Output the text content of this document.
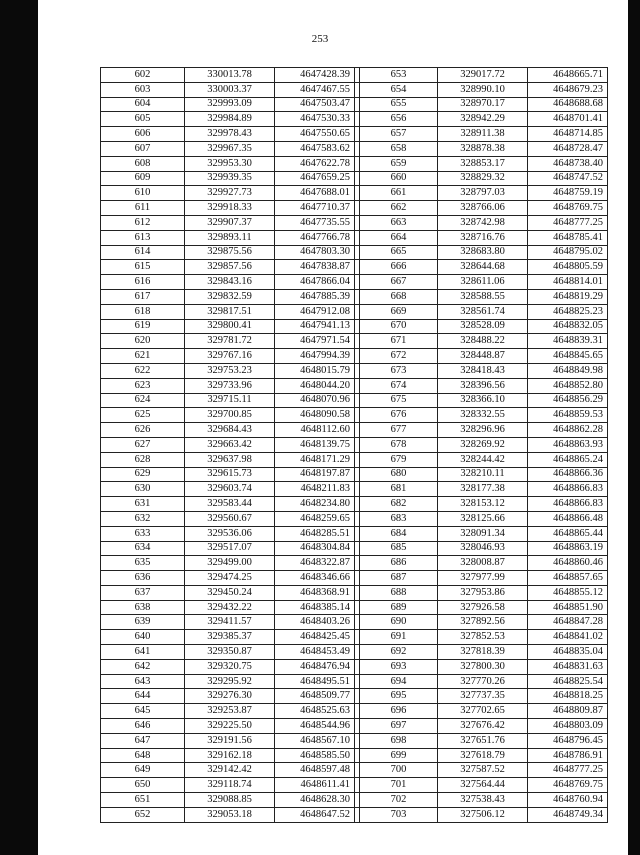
253
602	330013.78	4647428.39		653	329017.72	4648665.71
603	330003.37	4647467.55		654	328990.10	4648679.23
604	329993.09	4647503.47		655	328970.17	4648688.68
605	329984.89	4647530.33		656	328942.29	4648701.41
606	329978.43	4647550.65		657	328911.38	4648714.85
607	329967.35	4647583.62		658	328878.38	4648728.47
608	329953.30	4647622.78		659	328853.17	4648738.40
609	329939.35	4647659.25		660	328829.32	4648747.52
610	329927.73	4647688.01		661	328797.03	4648759.19
611	329918.33	4647710.37		662	328766.06	4648769.75
612	329907.37	4647735.55		663	328742.98	4648777.25
613	329893.11	4647766.78		664	328716.76	4648785.41
614	329875.56	4647803.30		665	328683.80	4648795.02
615	329857.56	4647838.87		666	328644.68	4648805.59
616	329843.16	4647866.04		667	328611.06	4648814.01
617	329832.59	4647885.39		668	328588.55	4648819.29
618	329817.51	4647912.08		669	328561.74	4648825.23
619	329800.41	4647941.13		670	328528.09	4648832.05
620	329781.72	4647971.54		671	328488.22	4648839.31
621	329767.16	4647994.39		672	328448.87	4648845.65
622	329753.23	4648015.79		673	328418.43	4648849.98
623	329733.96	4648044.20		674	328396.56	4648852.80
624	329715.11	4648070.96		675	328366.10	4648856.29
625	329700.85	4648090.58		676	328332.55	4648859.53
626	329684.43	4648112.60		677	328296.96	4648862.28
627	329663.42	4648139.75		678	328269.92	4648863.93
628	329637.98	4648171.29		679	328244.42	4648865.24
629	329615.73	4648197.87		680	328210.11	4648866.36
630	329603.74	4648211.83		681	328177.38	4648866.83
631	329583.44	4648234.80		682	328153.12	4648866.83
632	329560.67	4648259.65		683	328125.66	4648866.48
633	329536.06	4648285.51		684	328091.34	4648865.44
634	329517.07	4648304.84		685	328046.93	4648863.19
635	329499.00	4648322.87		686	328008.87	4648860.46
636	329474.25	4648346.66		687	327977.99	4648857.65
637	329450.24	4648368.91		688	327953.86	4648855.12
638	329432.22	4648385.14		689	327926.58	4648851.90
639	329411.57	4648403.26		690	327892.56	4648847.28
640	329385.37	4648425.45		691	327852.53	4648841.02
641	329350.87	4648453.49		692	327818.39	4648835.04
642	329320.75	4648476.94		693	327800.30	4648831.63
643	329295.92	4648495.51		694	327770.26	4648825.54
644	329276.30	4648509.77		695	327737.35	4648818.25
645	329253.87	4648525.63		696	327702.65	4648809.87
646	329225.50	4648544.96		697	327676.42	4648803.09
647	329191.56	4648567.10		698	327651.76	4648796.45
648	329162.18	4648585.50		699	327618.79	4648786.91
649	329142.42	4648597.48		700	327587.52	4648777.25
650	329118.74	4648611.41		701	327564.44	4648769.75
651	329088.85	4648628.30		702	327538.43	4648760.94
652	329053.18	4648647.52		703	327506.12	4648749.34
